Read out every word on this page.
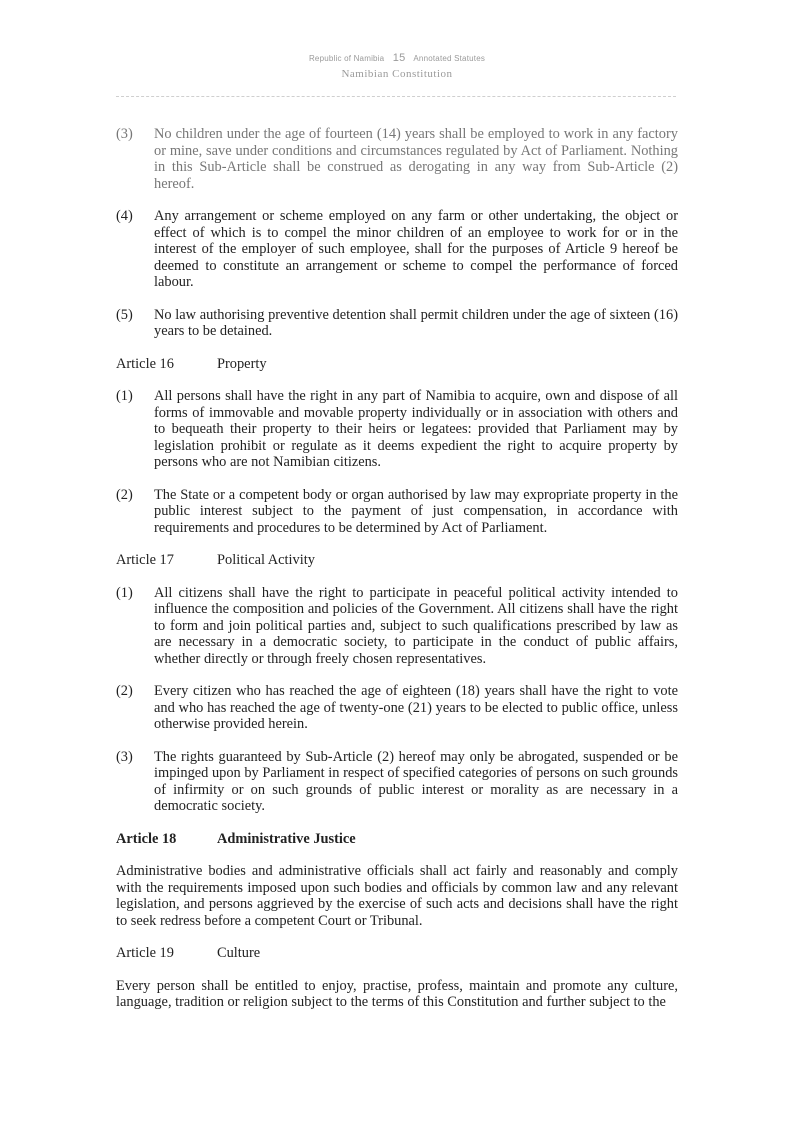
Republic of Namibia 15 Annotated Statutes
Namibian Constitution
(3)	No children under the age of fourteen (14) years shall be employed to work in any factory or mine, save under conditions and circumstances regulated by Act of Parliament. Nothing in this Sub-Article shall be construed as derogating in any way from Sub-Article (2) hereof.
(4)	Any arrangement or scheme employed on any farm or other undertaking, the object or effect of which is to compel the minor children of an employee to work for or in the interest of the employer of such employee, shall for the purposes of Article 9 hereof be deemed to constitute an arrangement or scheme to compel the performance of forced labour.
(5)	No law authorising preventive detention shall permit children under the age of sixteen (16) years to be detained.
Article 16	Property
(1)	All persons shall have the right in any part of Namibia to acquire, own and dispose of all forms of immovable and movable property individually or in association with others and to bequeath their property to their heirs or legatees: provided that Parliament may by legislation prohibit or regulate as it deems expedient the right to acquire property by persons who are not Namibian citizens.
(2)	The State or a competent body or organ authorised by law may expropriate property in the public interest subject to the payment of just compensation, in accordance with requirements and procedures to be determined by Act of Parliament.
Article 17	Political Activity
(1)	All citizens shall have the right to participate in peaceful political activity intended to influence the composition and policies of the Government. All citizens shall have the right to form and join political parties and, subject to such qualifications prescribed by law as are necessary in a democratic society, to participate in the conduct of public affairs, whether directly or through freely chosen representatives.
(2)	Every citizen who has reached the age of eighteen (18) years shall have the right to vote and who has reached the age of twenty-one (21) years to be elected to public office, unless otherwise provided herein.
(3)	The rights guaranteed by Sub-Article (2) hereof may only be abrogated, suspended or be impinged upon by Parliament in respect of specified categories of persons on such grounds of infirmity or on such grounds of public interest or morality as are necessary in a democratic society.
Article 18	Administrative Justice
Administrative bodies and administrative officials shall act fairly and reasonably and comply with the requirements imposed upon such bodies and officials by common law and any relevant legislation, and persons aggrieved by the exercise of such acts and decisions shall have the right to seek redress before a competent Court or Tribunal.
Article 19	Culture
Every person shall be entitled to enjoy, practise, profess, maintain and promote any culture, language, tradition or religion subject to the terms of this Constitution and further subject to the
